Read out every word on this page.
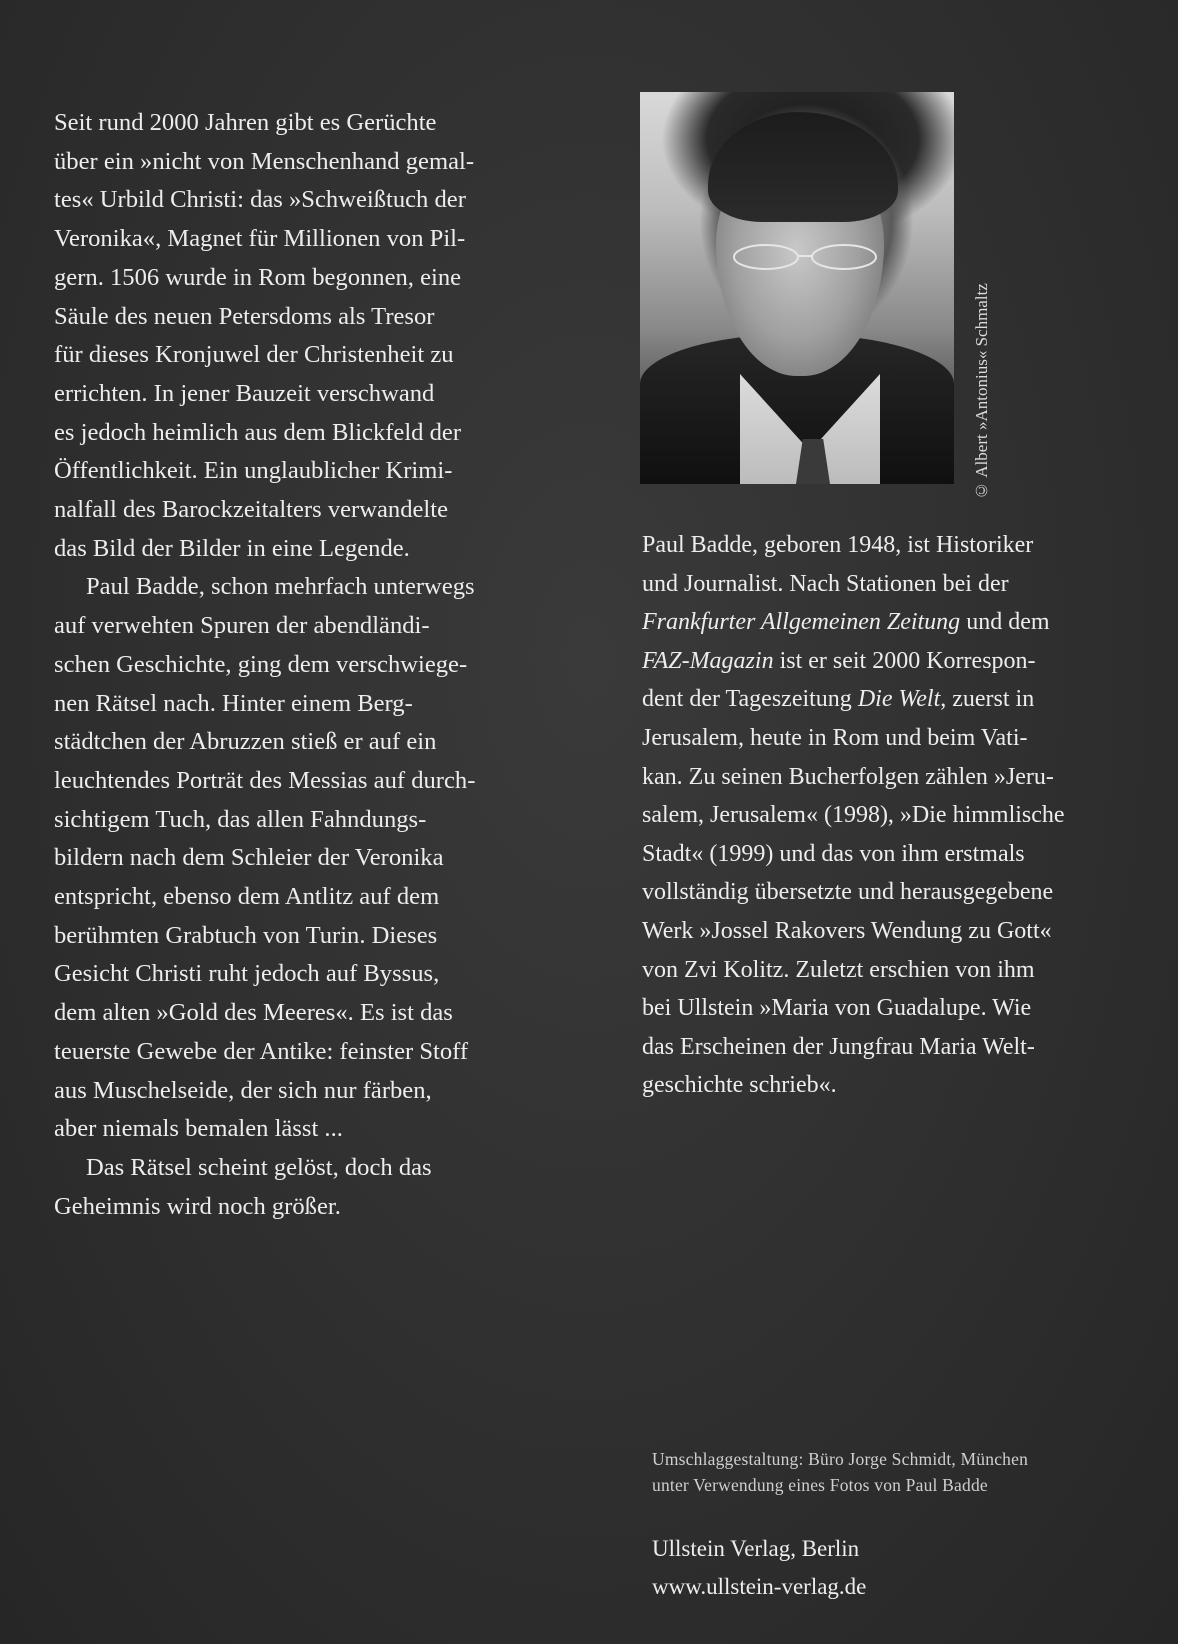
Seit rund 2000 Jahren gibt es Gerüchte
über ein »nicht von Menschenhand gemal-
tes« Urbild Christi: das »Schweißtuch der
Veronika«, Magnet für Millionen von Pil-
gern. 1506 wurde in Rom begonnen, eine
Säule des neuen Petersdoms als Tresor
für dieses Kronjuwel der Christenheit zu
errichten. In jener Bauzeit verschwand
es jedoch heimlich aus dem Blickfeld der
Öffentlichkeit. Ein unglaublicher Krimi-
nalfall des Barockzeitalters verwandelte
das Bild der Bilder in eine Legende.

Paul Badde, schon mehrfach unterwegs
auf verwehten Spuren der abendländi-
schen Geschichte, ging dem verschwiege-
nen Rätsel nach. Hinter einem Berg-
städtchen der Abruzzen stieß er auf ein
leuchtendes Porträt des Messias auf durch-
sichtigem Tuch, das allen Fahndungs-
bildern nach dem Schleier der Veronika
entspricht, ebenso dem Antlitz auf dem
berühmten Grabtuch von Turin. Dieses
Gesicht Christi ruht jedoch auf Byssus,
dem alten »Gold des Meeres«. Es ist das
teuerste Gewebe der Antike: feinster Stoff
aus Muschelseide, der sich nur färben,
aber niemals bemalen lässt ...

Das Rätsel scheint gelöst, doch das
Geheimnis wird noch größer.

© Albert »Antonius« Schmaltz

Paul Badde, geboren 1948, ist Historiker
und Journalist. Nach Stationen bei der
Frankfurter Allgemeinen Zeitung und dem
FAZ-Magazin ist er seit 2000 Korrespon-
dent der Tageszeitung Die Welt, zuerst in
Jerusalem, heute in Rom und beim Vati-
kan. Zu seinen Bucherfolgen zählen »Jeru-
salem, Jerusalem« (1998), »Die himmlische
Stadt« (1999) und das von ihm erstmals
vollständig übersetzte und herausgegebene
Werk »Jossel Rakovers Wendung zu Gott«
von Zvi Kolitz. Zuletzt erschien von ihm
bei Ullstein »Maria von Guadalupe. Wie
das Erscheinen der Jungfrau Maria Welt-
geschichte schrieb«.

Umschlaggestaltung: Büro Jorge Schmidt, München
unter Verwendung eines Fotos von Paul Badde
Ullstein Verlag, Berlin
www.ullstein-verlag.de
